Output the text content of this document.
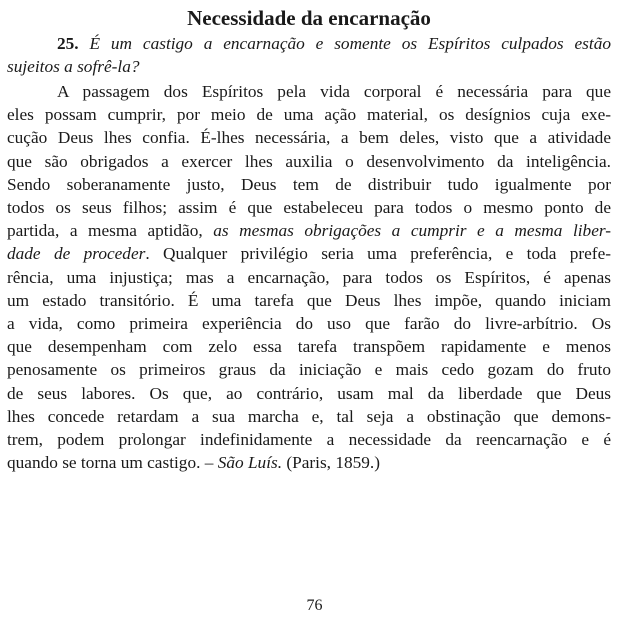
Necessidade da encarnação
25. É um castigo a encarnação e somente os Espíritos culpados estão
sujeitos a sofrê-la?
A passagem dos Espíritos pela vida corporal é necessária para que
eles possam cumprir, por meio de uma ação material, os desígnios cuja exe-
cução Deus lhes confia. É-lhes necessária, a bem deles, visto que a atividade
que são obrigados a exercer lhes auxilia o desenvolvimento da inteligência.
Sendo soberanamente justo, Deus tem de distribuir tudo igualmente por
todos os seus filhos; assim é que estabeleceu para todos o mesmo ponto de
partida, a mesma aptidão, as mesmas obrigações a cumprir e a mesma liber-
dade de proceder. Qualquer privilégio seria uma preferência, e toda prefe-
rência, uma injustiça; mas a encarnação, para todos os Espíritos, é apenas
um estado transitório. É uma tarefa que Deus lhes impõe, quando iniciam
a vida, como primeira experiência do uso que farão do livre-arbítrio. Os
que desempenham com zelo essa tarefa transpõem rapidamente e menos
penosamente os primeiros graus da iniciação e mais cedo gozam do fruto
de seus labores. Os que, ao contrário, usam mal da liberdade que Deus
lhes concede retardam a sua marcha e, tal seja a obstinação que demons-
trem, podem prolongar indefinidamente a necessidade da reencarnação e é
quando se torna um castigo. – São Luís. (Paris, 1859.)
76
